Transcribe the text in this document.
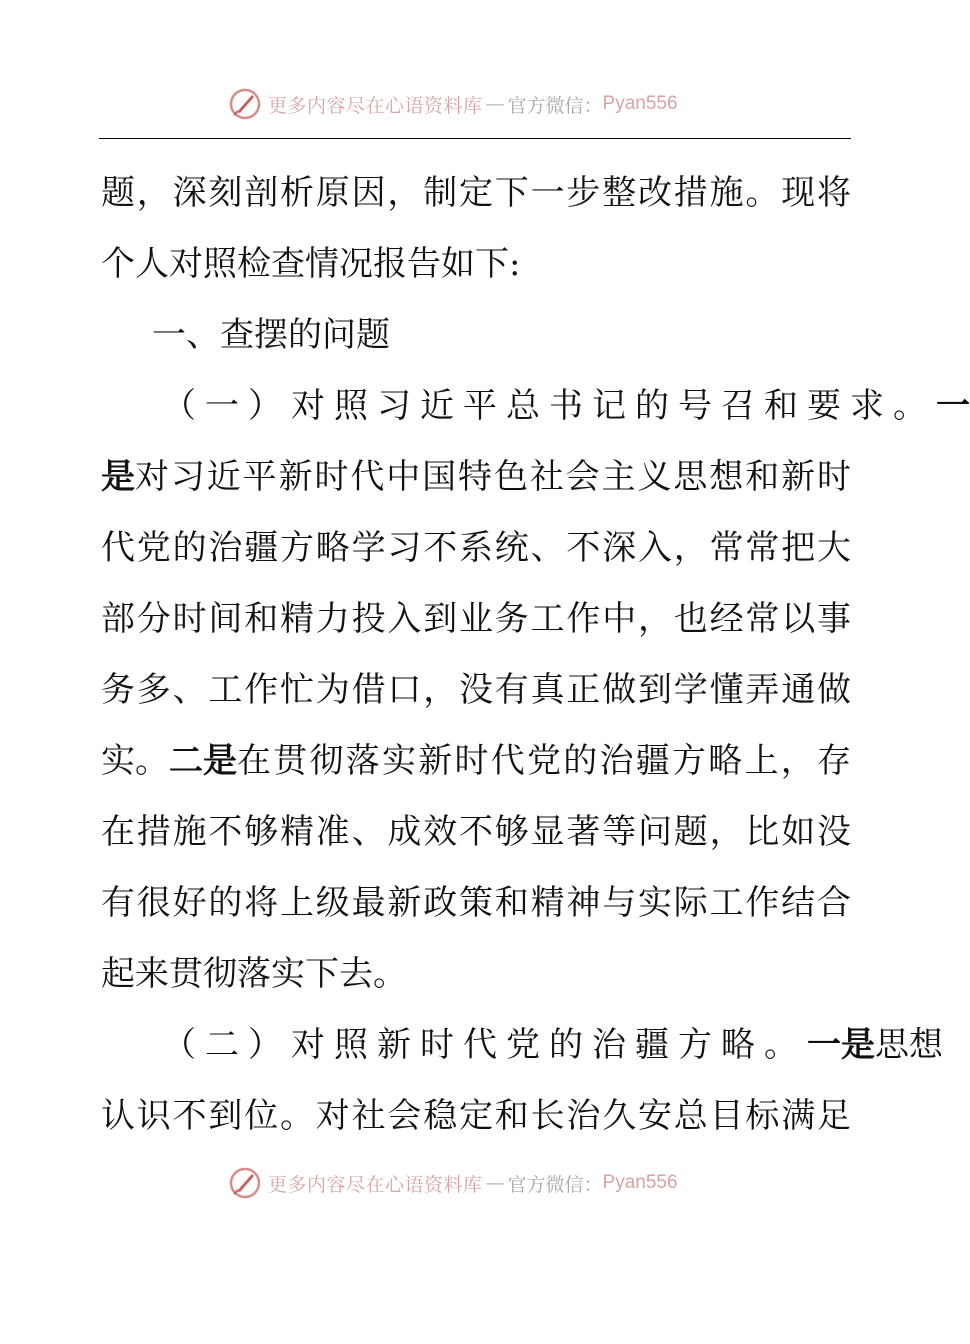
更多内容尽在心语资料库 — 官方微信： Pyan556
题，深刻剖析原因，制定下一步整改措施。现将
个人对照检查情况报告如下:
一、查摆的问题
（一）对照习近平总书记的号召和要求。 一
是 对习近平新时代中国特色社会主义思想和新时
代党的治疆方略学习不系统、不深入，常常把大
部分时间和精力投入到业务工作中，也经常以事
务多、工作忙为借口，没有真正做到学懂弄通做
实。 二是 在贯彻落实新时代党的治疆方略上，存
在措施不够精准、成效不够显著等问题，比如没
有很好的将上级最新政策和精神与实际工作结合
起来贯彻落实下去。
（二）对照新时代党的治疆方略。 一是 思想
认识不到位。对社会稳定和长治久安总目标满足
更多内容尽在心语资料库 — 官方微信： Pyan556
